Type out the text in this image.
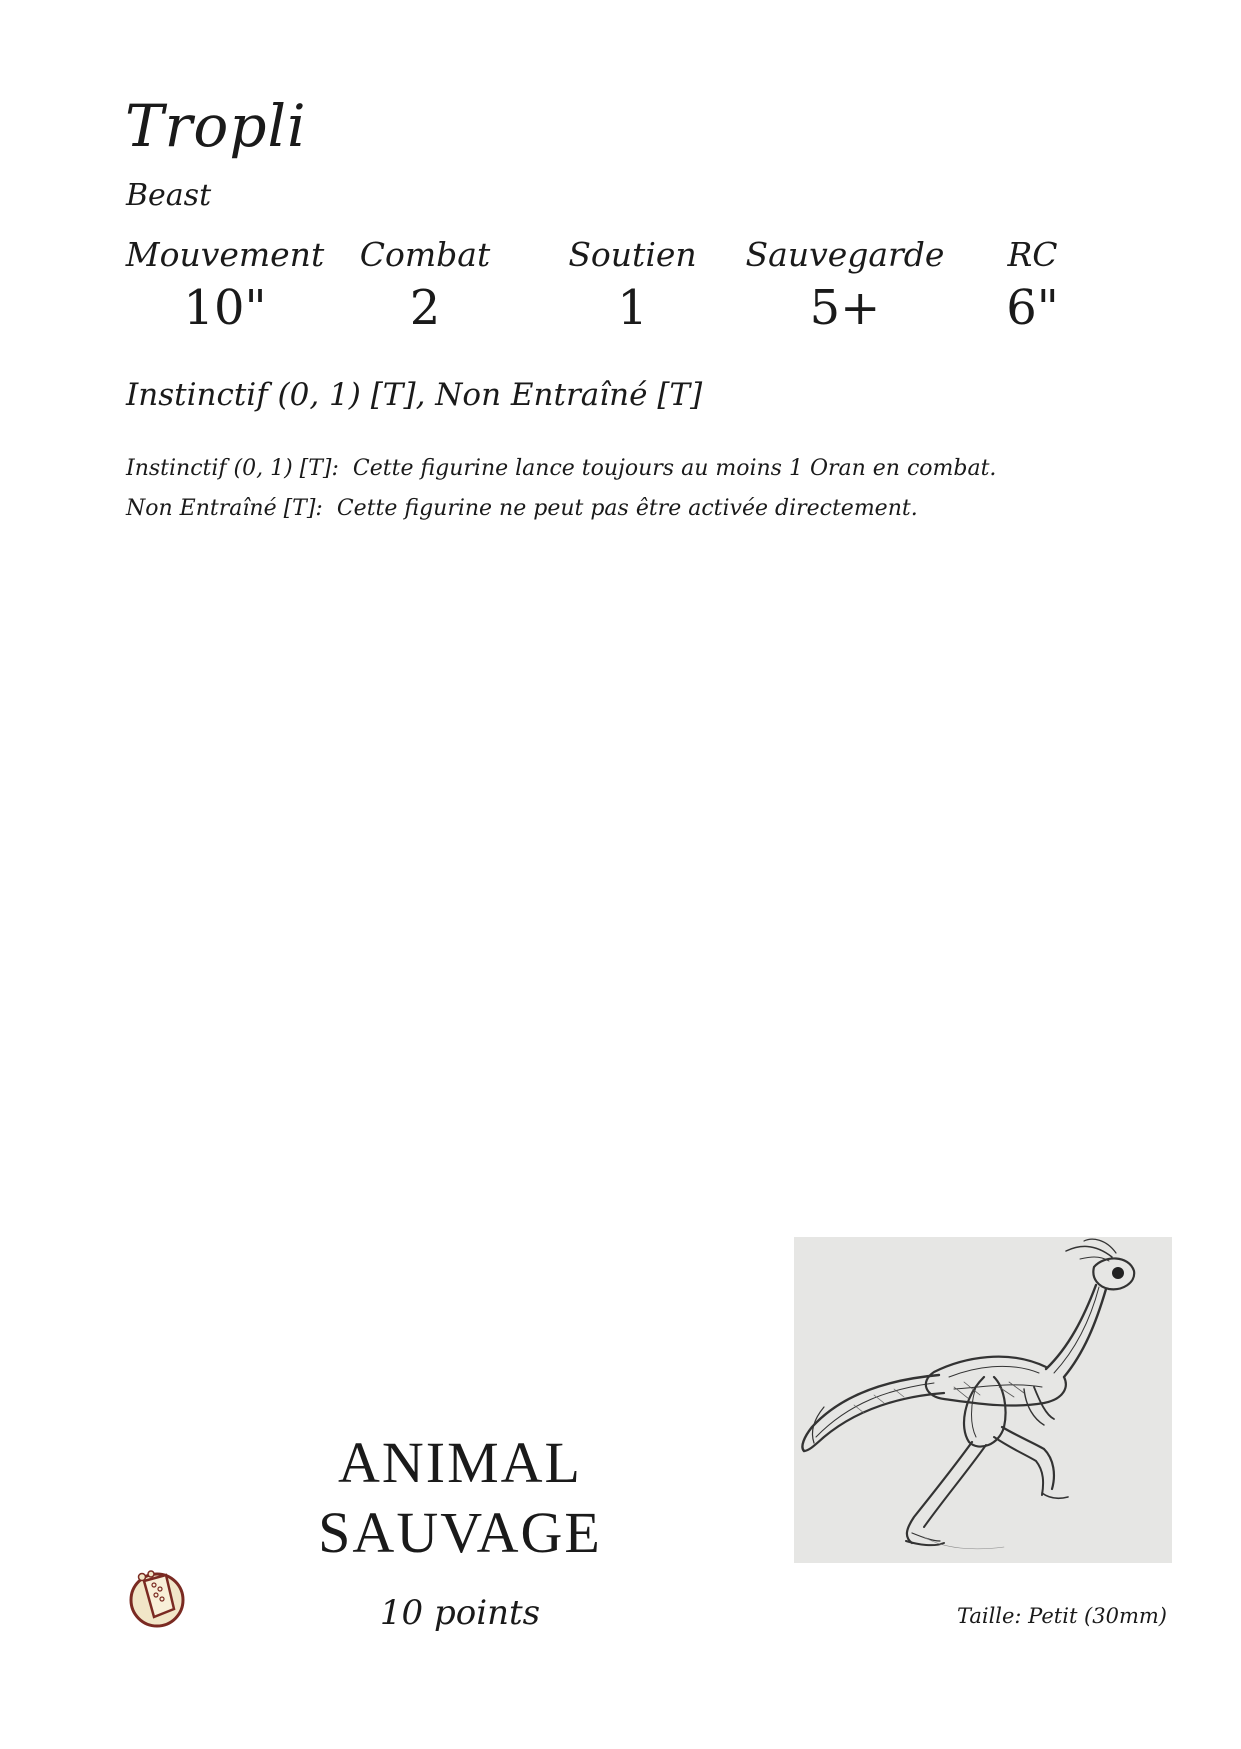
Tropli
Beast
Mouvement
10"
Combat
2
Soutien
1
Sauvegarde
5+
RC
6"
Instinctif (0, 1) [T], Non Entraîné [T]
Instinctif (0, 1) [T]: Cette figurine lance toujours au moins 1 Oran en combat.
Non Entraîné [T]: Cette figurine ne peut pas être activée directement.
ANIMAL
SAUVAGE
10 points	Taille: Petit (30mm)
